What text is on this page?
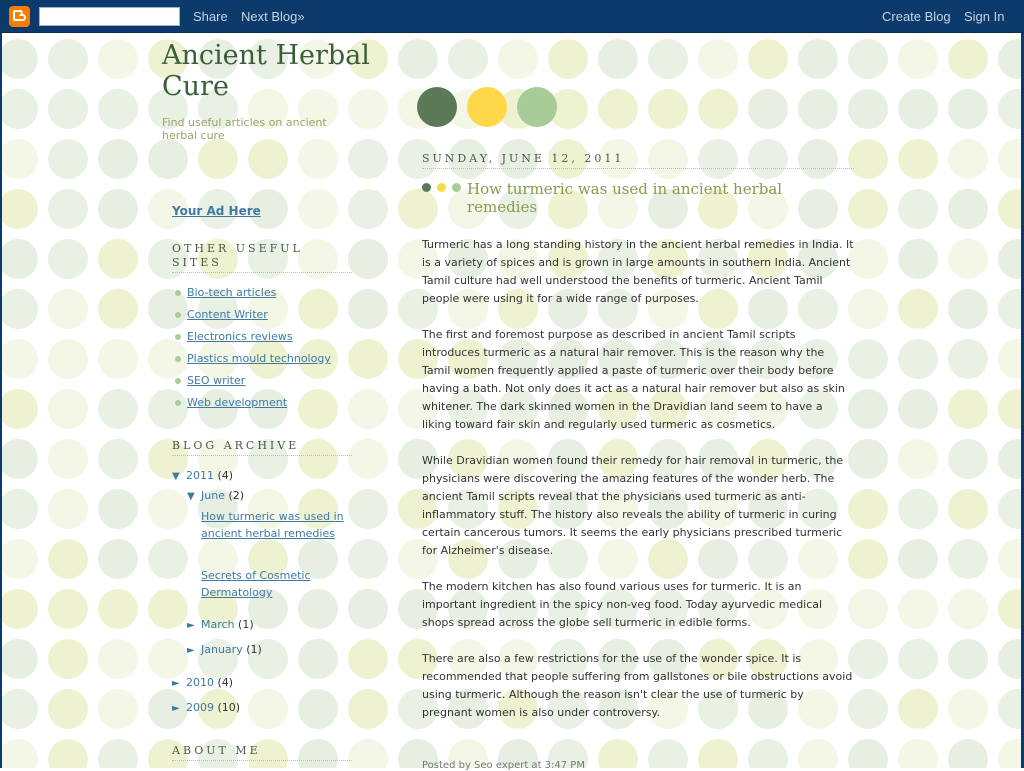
Share Next Blog»	Create Blog Sign In
Ancient Herbal Cure
Find useful articles on ancient herbal cure
Your Ad Here
OTHER USEFUL SITES
Bio-tech articles
Content Writer
Electronics reviews
Plastics mould technology
SEO writer
Web development
BLOG ARCHIVE
▼ 2011 (4)
▼ June (2)
How turmeric was used in ancient herbal remedies
Secrets of Cosmetic Dermatology
► March (1)
► January (1)
► 2010 (4)
► 2009 (10)
ABOUT ME
SUNDAY, JUNE 12, 2011
How turmeric was used in ancient herbal remedies

Turmeric has a long standing history in the ancient herbal remedies in India. It is a variety of spices and is grown in large amounts in southern India. Ancient Tamil culture had well understood the benefits of turmeric. Ancient Tamil people were using it for a wide range of purposes.

The first and foremost purpose as described in ancient Tamil scripts introduces turmeric as a natural hair remover. This is the reason why the Tamil women frequently applied a paste of turmeric over their body before having a bath. Not only does it act as a natural hair remover but also as skin whitener. The dark skinned women in the Dravidian land seem to have a liking toward fair skin and regularly used turmeric as cosmetics.

While Dravidian women found their remedy for hair removal in turmeric, the physicians were discovering the amazing features of the wonder herb. The ancient Tamil scripts reveal that the physicians used turmeric as anti-inflammatory stuff. The history also reveals the ability of turmeric in curing certain cancerous tumors. It seems the early physicians prescribed turmeric for Alzheimer's disease.

The modern kitchen has also found various uses for turmeric. It is an important ingredient in the spicy non-veg food. Today ayurvedic medical shops spread across the globe sell turmeric in edible forms.

There are also a few restrictions for the use of the wonder spice. It is recommended that people suffering from gallstones or bile obstructions avoid using turmeric. Although the reason isn't clear the use of turmeric by pregnant women is also under controversy.

Posted by Seo expert at 3:47 PM
